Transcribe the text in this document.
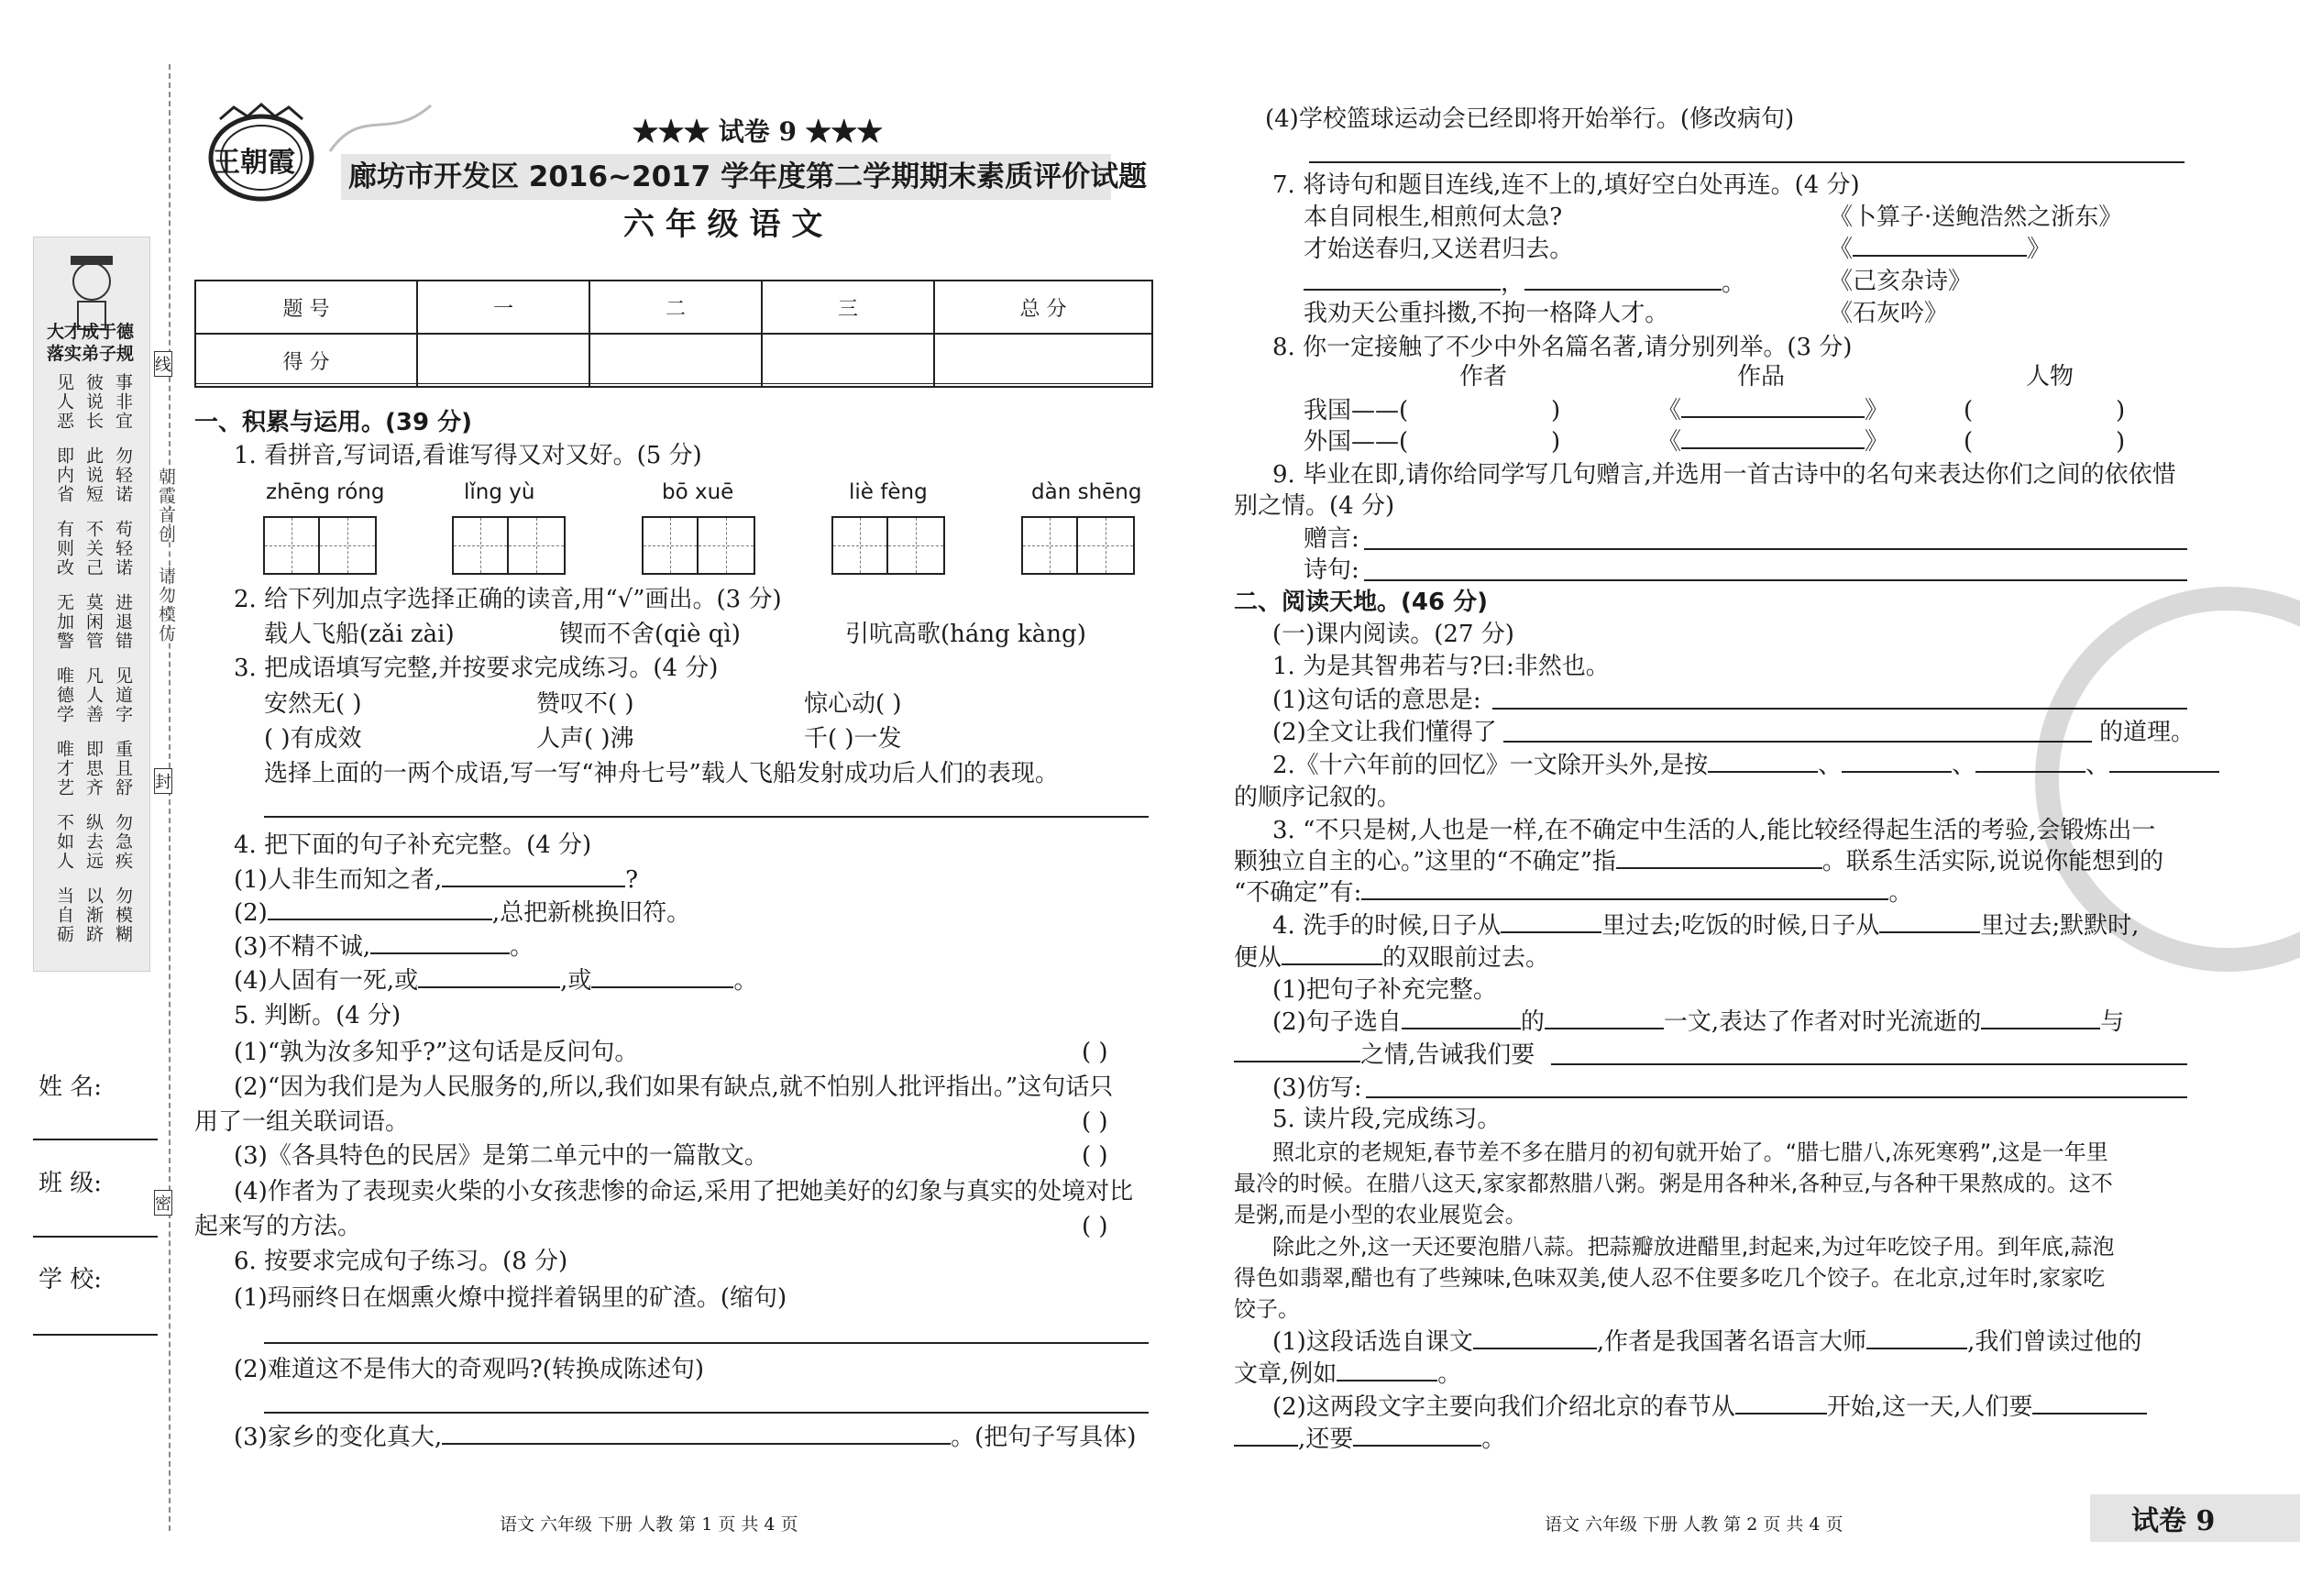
大才成于德
落实弟子规
见人恶 彼说长 事非宜
即内省 此说短 勿轻诺
有则改 不关己 苟轻诺
无加警 莫闲管 进退错
唯德学 凡人善 见道字
唯才艺 即思齐 重且舒
不如人 纵去远 勿急疾
当自砺 以渐跻 勿模糊
朝霞首创 请勿模仿
线
封
密
姓 名:
班 级:
学 校:
王朝霞
★★★ 试卷 9 ★★★
廊坊市开发区 2016~2017 学年度第二学期期末素质评价试题
六 年 级 语 文
题 号	一	二	三	总 分
得 分				
一、积累与运用。(39 分)
1. 看拼音,写词语,看谁写得又对又好。(5 分)
zhēng róng	lǐng yù	bō xuē	liè fèng	dàn shēng
2. 给下列加点字选择正确的读音,用“√”画出。(3 分)
载人飞船(zǎi zài)	锲而不舍(qiè qì)	引吭高歌(háng kàng)
3. 把成语填写完整,并按要求完成练习。(4 分)
安然无( )	赞叹不( )	惊心动( )
( )有成效	人声( )沸	千( )一发
选择上面的一两个成语,写一写“神舟七号”载人飞船发射成功后人们的表现。
4. 把下面的句子补充完整。(4 分)
(1)人非生而知之者,	?
(2)	,总把新桃换旧符。
(3)不精不诚,	。
(4)人固有一死,或	,或	。
5. 判断。(4 分)
(1)“孰为汝多知乎?”这句话是反问句。	( )
(2)“因为我们是为人民服务的,所以,我们如果有缺点,就不怕别人批评指出。”这句话只
用了一组关联词语。	( )
(3)《各具特色的民居》是第二单元中的一篇散文。	( )
(4)作者为了表现卖火柴的小女孩悲惨的命运,采用了把她美好的幻象与真实的处境对比
起来写的方法。	( )
6. 按要求完成句子练习。(8 分)
(1)玛丽终日在烟熏火燎中搅拌着锅里的矿渣。(缩句)
(2)难道这不是伟大的奇观吗?(转换成陈述句)
(3)家乡的变化真大,	。(把句子写具体)
语文 六年级 下册 人教 第 1 页 共 4 页
(4)学校篮球运动会已经即将开始举行。(修改病句)
7. 将诗句和题目连线,连不上的,填好空白处再连。(4 分)
本自同根生,相煎何太急?
才始送春归,又送君归去。
，	。
我劝天公重抖擞,不拘一格降人才。
《卜算子·送鲍浩然之浙东》
《	》
《己亥杂诗》
《石灰吟》
8. 你一定接触了不少中外名篇名著,请分别列举。(3 分)
作者	作品	人物
我国——(	)	《	》	(	)
外国——(	)	《	》	(	)
9. 毕业在即,请你给同学写几句赠言,并选用一首古诗中的名句来表达你们之间的依依惜
别之情。(4 分)
赠言:
诗句:
二、阅读天地。(46 分)
(一)课内阅读。(27 分)
1. 为是其智弗若与?曰:非然也。
(1)这句话的意思是:
(2)全文让我们懂得了	的道理。
2.《十六年前的回忆》一文除开头外,是按	、	、	、
的顺序记叙的。
3. “不只是树,人也是一样,在不确定中生活的人,能比较经得起生活的考验,会锻炼出一
颗独立自主的心。”这里的“不确定”指	。联系生活实际,说说你能想到的
“不确定”有:	。
4. 洗手的时候,日子从	里过去;吃饭的时候,日子从	里过去;默默时,
便从	的双眼前过去。
(1)把句子补充完整。
(2)句子选自	的	一文,表达了作者对时光流逝的	与
之情,告诫我们要
(3)仿写:
5. 读片段,完成练习。
照北京的老规矩,春节差不多在腊月的初旬就开始了。“腊七腊八,冻死寒鸦”,这是一年里
最冷的时候。在腊八这天,家家都熬腊八粥。粥是用各种米,各种豆,与各种干果熬成的。这不
是粥,而是小型的农业展览会。
除此之外,这一天还要泡腊八蒜。把蒜瓣放进醋里,封起来,为过年吃饺子用。到年底,蒜泡
得色如翡翠,醋也有了些辣味,色味双美,使人忍不住要多吃几个饺子。在北京,过年时,家家吃
饺子。
(1)这段话选自课文	,作者是我国著名语言大师	,我们曾读过他的
文章,例如	。
(2)这两段文字主要向我们介绍北京的春节从	开始,这一天,人们要
,还要	。
语文 六年级 下册 人教 第 2 页 共 4 页	试卷 9
